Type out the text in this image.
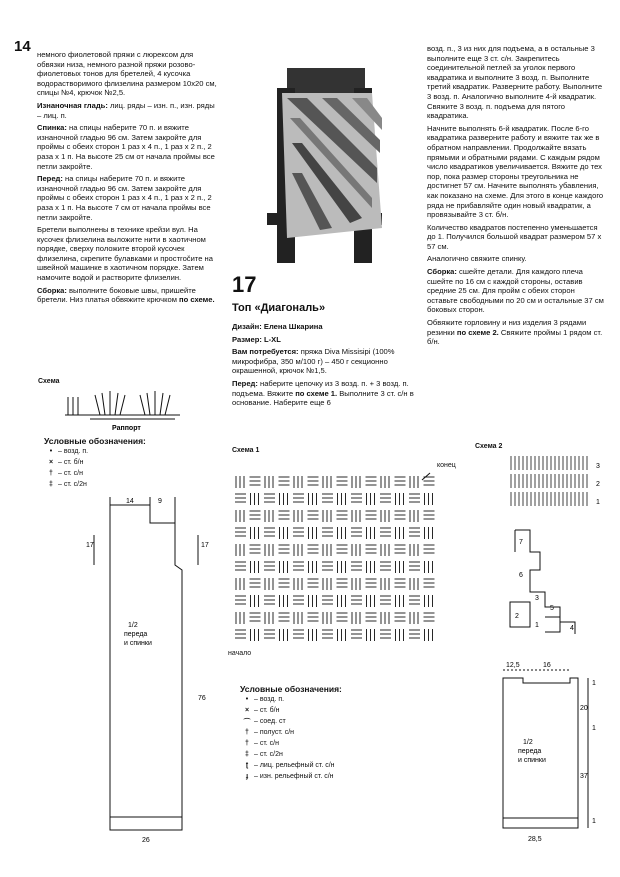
14 немного фиолетовой пряжи с люрексом для обвязки низа, немного разной пряжи розово-фиолетовых тонов для бретелей, 4 кусочка водорастворимого флизелина размером 10x20 см, спицы №4, крючок №2,5.

Изнаночная гладь: лиц. ряды – изн. п., изн. ряды – лиц. п.

Спинка: на спицы наберите 70 п. и вяжите изнаночной гладью 96 см. Затем закройте для проймы с обеих сторон 1 раз x 4 п., 1 раз x 2 п., 2 раза x 1 п. На высоте 25 см от начала проймы все петли закройте.

Перед: на спицы наберите 70 п. и вяжите изнаночной гладью 96 см. Затем закройте для проймы с обеих сторон 1 раз x 4 п., 1 раз x 2 п., 2 раза x 1 п. На высоте 7 см от начала проймы все петли закройте.

Бретели выполнены в технике крейзи вул. На кусочек флизелина выложите нити в хаотичном порядке, сверху положите второй кусочек флизелина, скрепите булавками и простročите на швейной машинке в хаотичном порядке. Затем намочите водой и растворите флизелин.

Сборка: выполните боковые швы, пришейте бретели. Низ платья обвяжите крючком по схеме.

Схема
Раппорт
Условные обозначения:
• – возд. п.
× – ст. б/н
† – ст. с/н
‡ – ст. с/2н
14	9
17	17
1/2
переда
и спинки
76
26
17
Топ «Диагональ»

Дизайн: Елена Шкарина

Размер: L-XL

Вам потребуется: пряжа Diva Missisipi (100% микрофибра, 350 м/100 г) – 450 г секционно окрашенной, крючок №1,5.

Перед: наберите цепочку из 3 возд. п. + 3 возд. п. подъема. Вяжите по схеме 1. Выполните 3 ст. с/н в основание. Наберите еще 6

возд. п., 3 из них для подъема, а в остальные 3 выполните еще 3 ст. с/н. Закрепитесь соединительной петлей за уголок первого квадратика и выполните 3 возд. п. Выполните третий квадратик. Разверните работу. Выполните 3 возд. п. Аналогично выполните 4-й квадратик. Свяжите 3 возд. п. подъема для пятого квадратика.

Начните выполнять 6-й квадратик. После 6-го квадратика разверните работу и вяжите так же в обратном направлении. Продолжайте вязать прямыми и обратными рядами. С каждым рядом число квадратиков увеличивается. Вяжите до тех пор, пока размер стороны треугольника не достигнет 57 см. Начните выполнять убавления, как показано на схеме. Для этого в конце каждого ряда не прибавляйте один новый квадратик, а провязывайте 3 ст. б/н.

Количество квадратов постепенно уменьшается до 1. Получился большой квадрат размером 57 x 57 см.

Аналогично свяжите спинку.

Сборка: сшейте детали. Для каждого плеча сшейте по 16 см с каждой стороны, оставив средние 25 см. Для пройм с обеих сторон оставьте свободными по 20 см и остальные 37 см боковых сторон.

Обвяжите горловину и низ изделия 3 рядами резинки по схеме 2. Свяжите проймы 1 рядом ст. б/н.

Схема 1
конец
начало
Схема 2
3
2
1
7
6
3
2
5
1	4
Условные обозначения:
• – возд. п.
× – ст. б/н
⌒ – соед. ст
† – полуст. с/н
† – ст. с/н
‡ – ст. с/2н
ʈ – лиц. рельефный ст. с/н
ɟ – изн. рельефный ст. с/н
12,5	16
1
20
1
1/2
переда
и спинки
37
1
28,5
